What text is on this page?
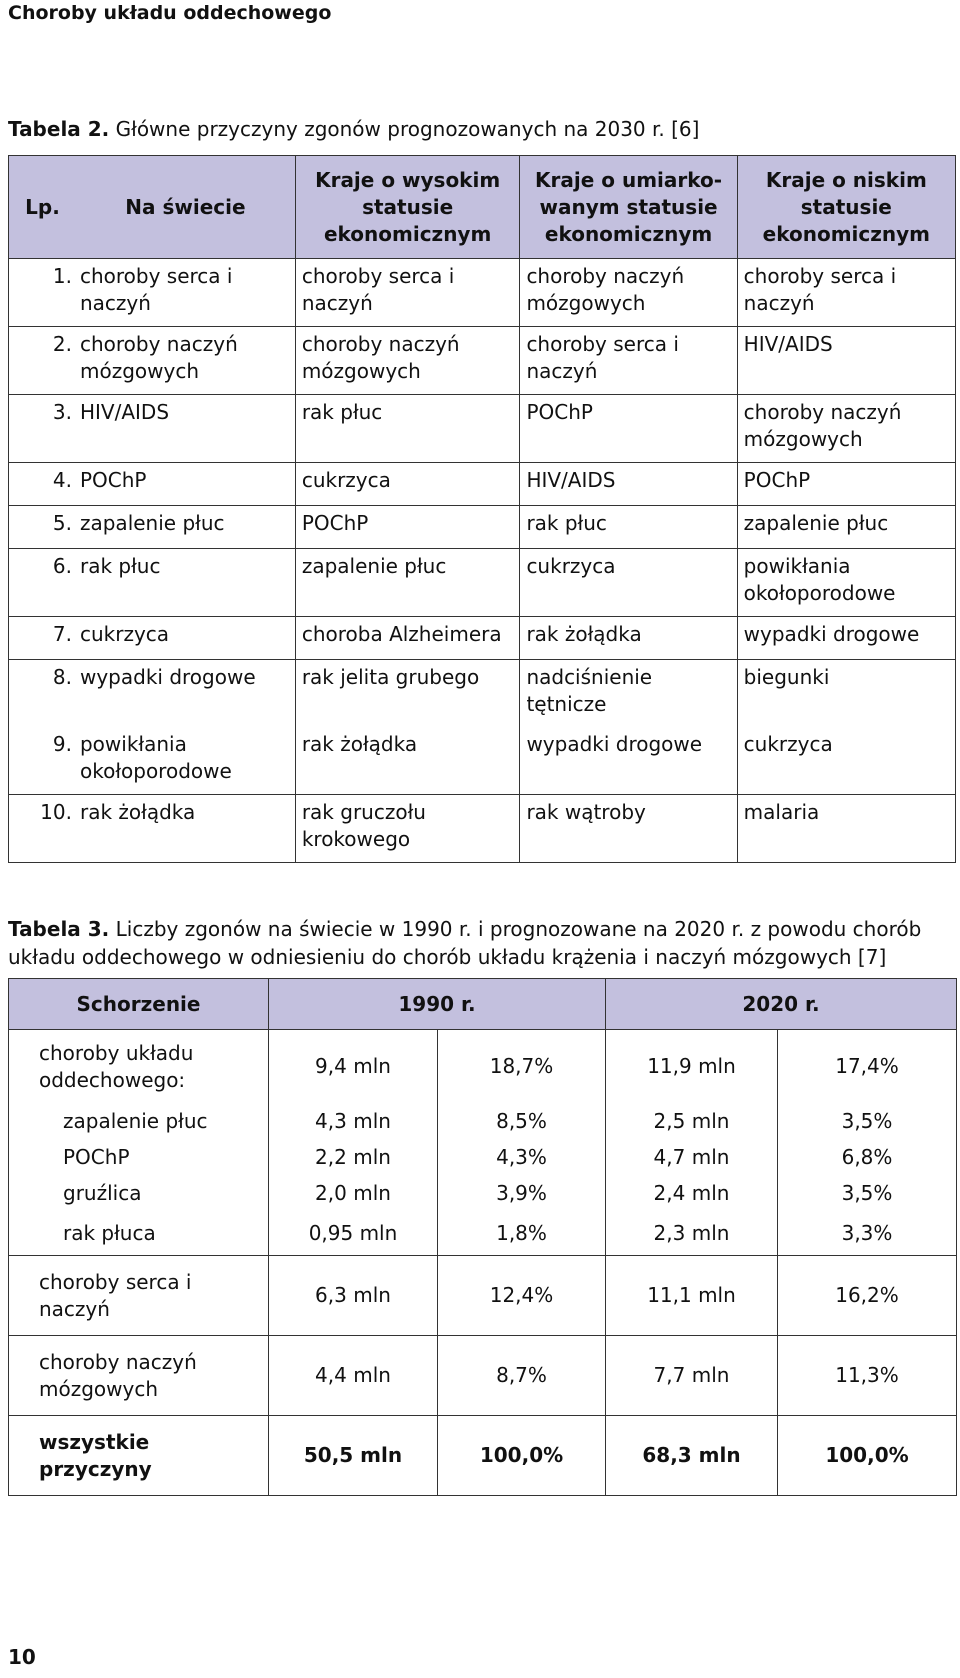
Choroby układu oddechowego
Tabela 2. Główne przyczyny zgonów prognozowanych na 2030 r. [6]
Lp.	Na świecie	Kraje o wysokim statusie ekonomicznym	Kraje o umiarkowanym statusie ekonomicznym	Kraje o niskim statusie ekonomicznym
1.	choroby serca i naczyń	choroby serca i naczyń	choroby naczyń mózgowych	choroby serca i naczyń
2.	choroby naczyń mózgowych	choroby naczyń mózgowych	choroby serca i naczyń	HIV/AIDS
3.	HIV/AIDS	rak płuc	POChP	choroby naczyń mózgowych
4.	POChP	cukrzyca	HIV/AIDS	POChP
5.	zapalenie płuc	POChP	rak płuc	zapalenie płuc
6.	rak płuc	zapalenie płuc	cukrzyca	powikłania okołoporodowe
7.	cukrzyca	choroba Alzheimera	rak żołądka	wypadki drogowe
8.	wypadki drogowe	rak jelita grubego	nadciśnienie tętnicze	biegunki
9.	powikłania okołoporodowe	rak żołądka	wypadki drogowe	cukrzyca
10.	rak żołądka	rak gruczołu krokowego	rak wątroby	malaria
Tabela 3. Liczby zgonów na świecie w 1990 r. i prognozowane na 2020 r. z powodu chorób układu oddechowego w odniesieniu do chorób układu krążenia i naczyń mózgowych [7]
Schorzenie	1990 r.		2020 r.	
choroby układu oddechowego:	9,4 mln	18,7%	11,9 mln	17,4%
zapalenie płuc	4,3 mln	8,5%	2,5 mln	3,5%
POChP	2,2 mln	4,3%	4,7 mln	6,8%
gruźlica	2,0 mln	3,9%	2,4 mln	3,5%
rak płuca	0,95 mln	1,8%	2,3 mln	3,3%
choroby serca i naczyń	6,3 mln	12,4%	11,1 mln	16,2%
choroby naczyń mózgowych	4,4 mln	8,7%	7,7 mln	11,3%
wszystkie przyczyny	50,5 mln	100,0%	68,3 mln	100,0%
10
